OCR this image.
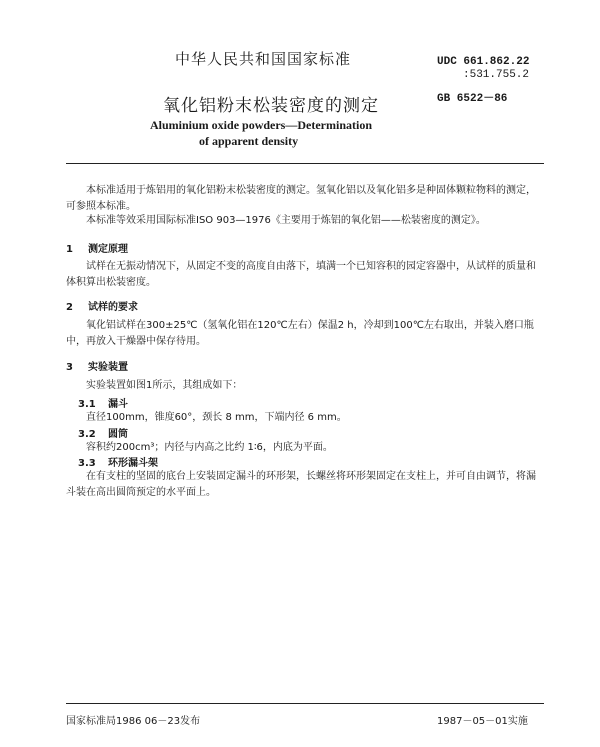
中华人民共和国国家标准	UDC 661.862.22
:531.755.2
氧化铝粉末松装密度的测定	GB 6522－86
Aluminium oxide powders—Determination
of apparent density
本标准适用于炼铝用的氧化铝粉末松装密度的测定。氢氧化铝以及氧化铝多是种固体颗粒物料的测定，可参照本标准。
本标准等效采用国际标准ISO 903—1976《主要用于炼铝的氧化铝——松装密度的测定》。
1 测定原理
试样在无振动情况下，从固定不变的高度自由落下，填满一个已知容积的园定容器中，从试样的质量和体积算出松装密度。
2 试样的要求
氧化铝试样在300±25℃（氢氧化铝在120℃左右）保温2 h，冷却到100℃左右取出，并装入磨口瓶中，再放入干燥器中保存待用。
3 实验装置
实验装置如图1所示，其组成如下：
3.1 漏斗
直径100mm，锥度60°，颈长 8 mm，下端内径 6 mm。
3.2 圆筒
容积约200cm³；内径与内高之比约 1∶6，内底为平面。
3.3 环形漏斗架
在有支柱的坚固的底台上安装固定漏斗的环形架，长螺丝将环形架固定在支柱上，并可自由调节，将漏斗装在高出圆筒预定的水平面上。
国家标准局1986 06－23发布	1987－05－01实施
